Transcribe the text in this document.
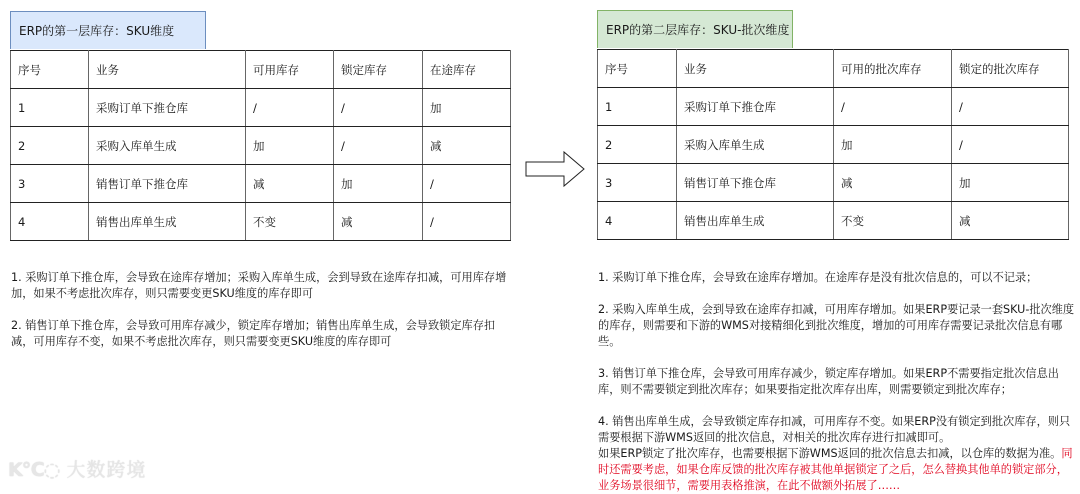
ERP的第一层库存：SKU维度
序号	业务	可用库存	锁定库存	在途库存
1	采购订单下推仓库	/	/	加
2	采购入库单生成	加	/	减
3	销售订单下推仓库	减	加	/
4	销售出库单生成	不变	减	/

1. 采购订单下推仓库，会导致在途库存增加；采购入库单生成，会到导致在途库存扣减，可用库存增加，如果不考虑批次库存，则只需要变更SKU维度的库存即可

2. 销售订单下推仓库，会导致可用库存减少，锁定库存增加；销售出库单生成，会导致锁定库存扣减，可用库存不变，如果不考虑批次库存，则只需要变更SKU维度的库存即可

ERP的第二层库存：SKU-批次维度
序号	业务	可用的批次库存	锁定的批次库存
1	采购订单下推仓库	/	/
2	采购入库单生成	加	/
3	销售订单下推仓库	减	加
4	销售出库单生成	不变	减

1. 采购订单下推仓库，会导致在途库存增加。在途库存是没有批次信息的，可以不记录；

2. 采购入库单生成，会到导致在途库存扣减，可用库存增加。如果ERP要记录一套SKU-批次维度的库存，则需要和下游的WMS对接精细化到批次维度，增加的可用库存需要记录批次信息有哪些。

3. 销售订单下推仓库，会导致可用库存减少，锁定库存增加。如果ERP不需要指定批次信息出库，则不需要锁定到批次库存；如果要指定批次库存出库，则需要锁定到批次库存；

4. 销售出库单生成，会导致锁定库存扣减，可用库存不变。如果ERP没有锁定到批次库存，则只需要根据下游WMS返回的批次信息，对相关的批次库存进行扣减即可。
如果ERP锁定了批次库存，也需要根据下游WMS返回的批次信息去扣减，以仓库的数据为准。同时还需要考虑，如果仓库反馈的批次库存被其他单据锁定了之后，怎么替换其他单的锁定部分，业务场景很细节，需要用表格推演，在此不做额外拓展了……

K℃◌ 大数跨境
